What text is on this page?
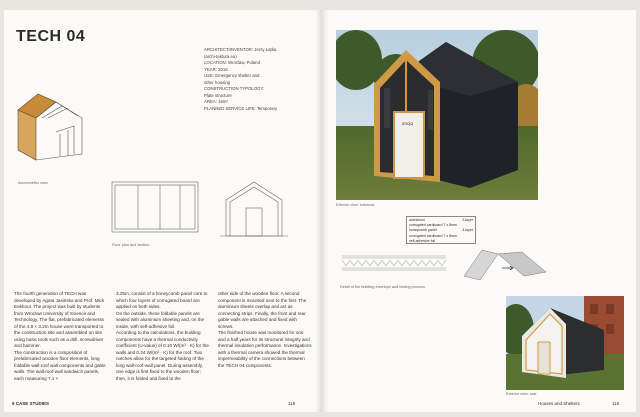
TECH 04
Axonometric view
Floor plan and section
ARCHITECT/INVENTOR: Jerzy Łątka
(archi-tektura.eu)
LOCATION: Wroclaw, Poland
YEAR: 2016
USE: Emergency shelter and
other housing
CONSTRUCTION TYPOLOGY:
Plate structure
AREA: 16m²
PLANNED SERVICE LIFE: Temporary
The fourth generation of TECH was developed by Agata Jasińska and Prof. Mick Eekhout. The project was built by students from Wroclaw University of Science and Technology. The flat, prefabricated elements of the 4.8 × 3.2m house were transported to the construction site and assembled on site using basic tools such as a drill, screwdriver and hammer.
The construction is a composition of prefabricated wooden floor elements, long foldable wall-roof wall components and gable walls. The wall-roof-wall sandwich panels, each measuring 7.1 ×
3.25m, consist of a honeycomb panel core to which four layers of corrugated board are applied on both sides.
On the outside, these foldable panels are sealed with aluminium sheeting and, on the inside, with self-adhesive foil.
According to the calculations, the building components have a thermal conductivity coefficient (U-value) of 0.10 W/(m² · K) for the walls and 0.34 W/(m² · K) for the roof. Two notches allow for the targeted folding of the long wall-roof-wall panel. During assembly, one edge is first fixed to the wooden floor; then, it is folded and fixed to the
other side of the wooden floor. A second component is mounted next to the first. The aluminium sheets overlap and act as connecting strips. Finally, the front and rear gable walls are attached and fixed with screws.
The finished house was monitored for one and a half years for its structural integrity and thermal insulation performance. Investigations with a thermal camera showed the thermal impermeability of the connections between the TECH 04 components.
6 CASE STUDIES	118
ancjq
Exterior view: entrance
aluminium	2-layer
corrugated cardboard 7 x 8mm
honeycomb panel	3-layer
corrugated cardboard 7 x 8mm
self-adhesive foil
Detail of the building envelope and folding process
Exterior view: rear
Houses and Shelters	119
